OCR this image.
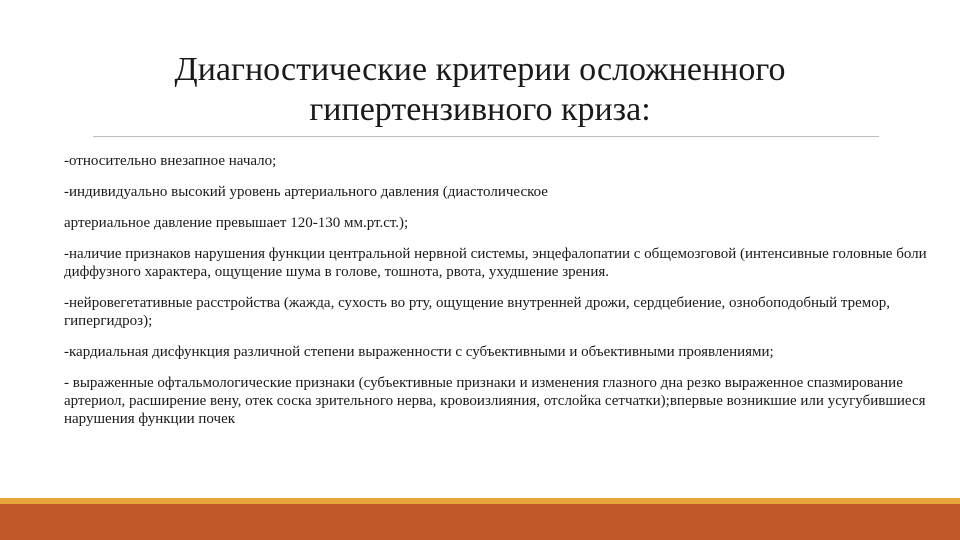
Диагностические критерии осложненного
гипертензивного криза:

-относительно внезапное начало;

-индивидуально высокий уровень артериального давления (диастолическое

артериальное давление превышает 120-130 мм.рт.ст.);

-наличие признаков нарушения функции центральной нервной системы, энцефалопатии с общемозговой (интенсивные головные боли диффузного характера, ощущение шума в голове, тошнота, рвота, ухудшение зрения.

-нейровегетативные расстройства (жажда, сухость во рту, ощущение внутренней дрожи, сердцебиение, ознобоподобный тремор, гипергидроз);

-кардиальная дисфункция различной степени выраженности с субъективными и объективными проявлениями;

- выраженные офтальмологические признаки (субъективные признаки и изменения глазного дна резко выраженное спазмирование артериол, расширение вену, отек соска зрительного нерва, кровоизлияния, отслойка сетчатки);впервые возникшие или усугубившиеся нарушения функции почек
